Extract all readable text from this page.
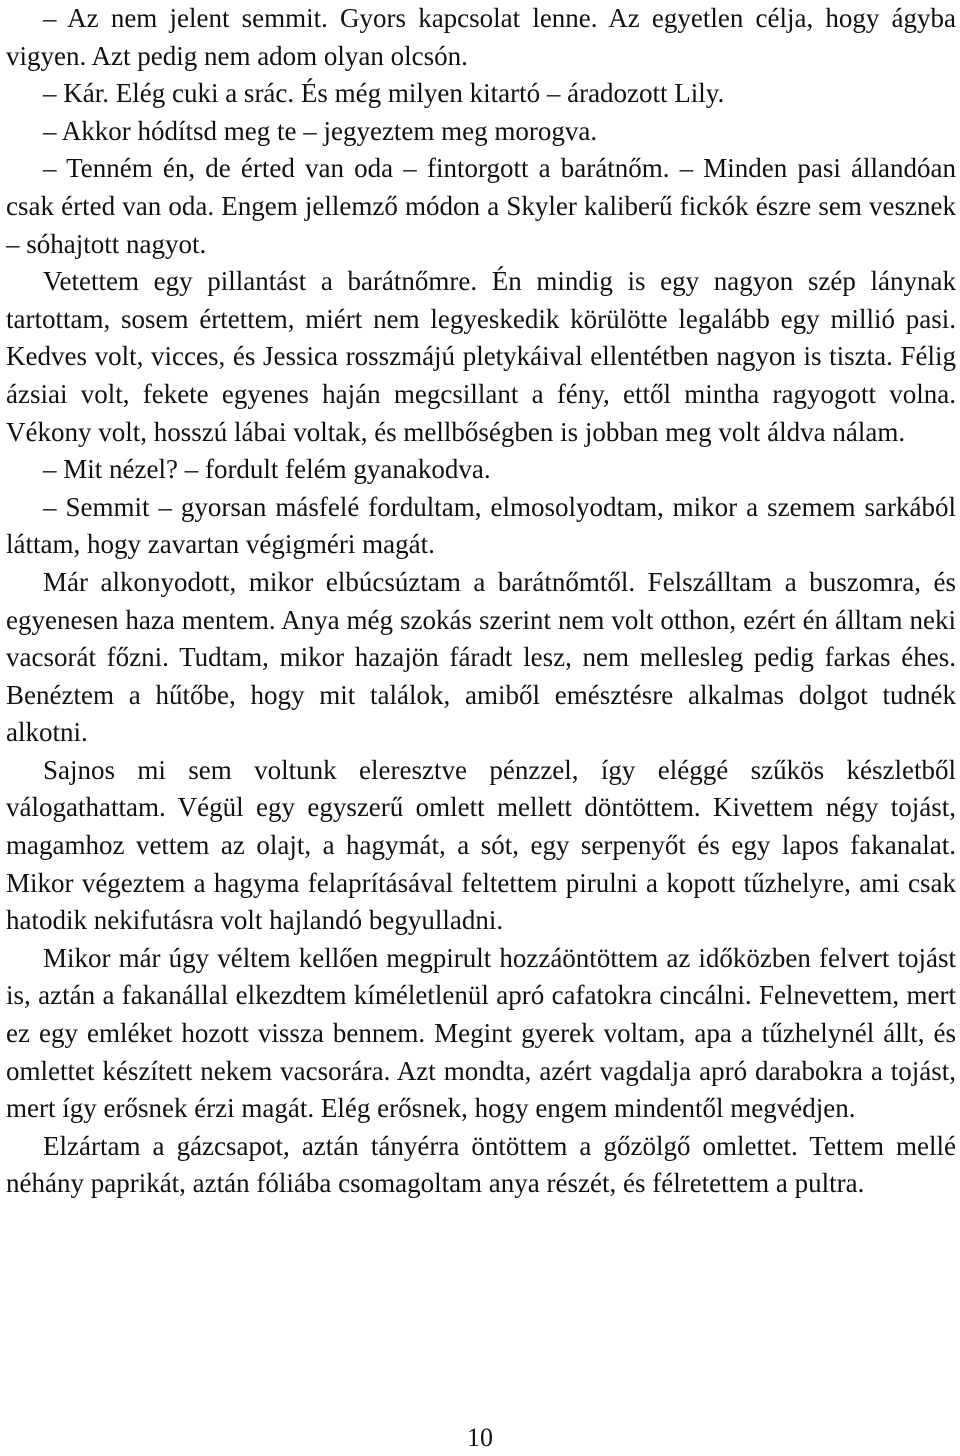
– Az nem jelent semmit. Gyors kapcsolat lenne. Az egyetlen célja, hogy ágyba vigyen. Azt pedig nem adom olyan olcsón.

– Kár. Elég cuki a srác. És még milyen kitartó – áradozott Lily.

– Akkor hódítsd meg te – jegyeztem meg morogva.

– Tenném én, de érted van oda – fintorgott a barátnőm. – Minden pasi állandóan csak érted van oda. Engem jellemző módon a Skyler kaliberű fickók észre sem vesznek – sóhajtott nagyot.

Vetettem egy pillantást a barátnőmre. Én mindig is egy nagyon szép lánynak tartottam, sosem értettem, miért nem legyeskedik körülötte legalább egy millió pasi. Kedves volt, vicces, és Jessica rosszmájú pletykáival ellentétben nagyon is tiszta. Félig ázsiai volt, fekete egyenes haján megcsillant a fény, ettől mintha ragyogott volna. Vékony volt, hosszú lábai voltak, és mellbőségben is jobban meg volt áldva nálam.

– Mit nézel? – fordult felém gyanakodva.

– Semmit – gyorsan másfelé fordultam, elmosolyodtam, mikor a szemem sarkából láttam, hogy zavartan végigméri magát.

Már alkonyodott, mikor elbúcsúztam a barátnőmtől. Felszálltam a buszomra, és egyenesen haza mentem. Anya még szokás szerint nem volt otthon, ezért én álltam neki vacsorát főzni. Tudtam, mikor hazajön fáradt lesz, nem mellesleg pedig farkas éhes. Benéztem a hűtőbe, hogy mit találok, amiből emésztésre alkalmas dolgot tudnék alkotni.

Sajnos mi sem voltunk eleresztve pénzzel, így eléggé szűkös készletből válogathattam. Végül egy egyszerű omlett mellett döntöttem. Kivettem négy tojást, magamhoz vettem az olajt, a hagymát, a sót, egy serpenyőt és egy lapos fakanalat. Mikor végeztem a hagyma felaprításával feltettem pirulni a kopott tűzhelyre, ami csak hatodik nekifutásra volt hajlandó begyulladni.

Mikor már úgy véltem kellően megpirult hozzáöntöttem az időközben felvert tojást is, aztán a fakanállal elkezdtem kíméletlenül apró cafatokra cincálni. Felnevettem, mert ez egy emléket hozott vissza bennem. Megint gyerek voltam, apa a tűzhelynél állt, és omlettet készített nekem vacsorára. Azt mondta, azért vagdalja apró darabokra a tojást, mert így erősnek érzi magát. Elég erősnek, hogy engem mindentől megvédjen.

Elzártam a gázcsapot, aztán tányérra öntöttem a gőzölgő omlettet. Tettem mellé néhány paprikát, aztán fóliába csomagoltam anya részét, és félretettem a pultra.

10
